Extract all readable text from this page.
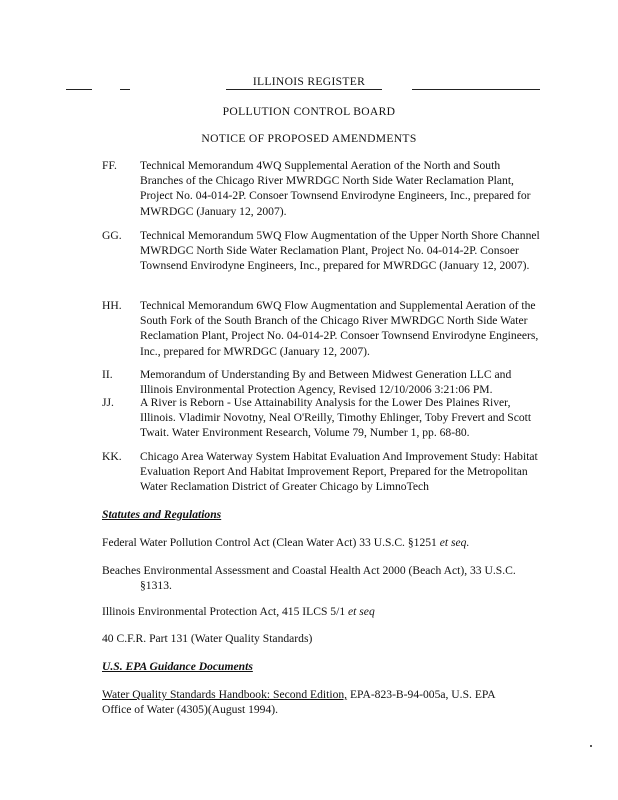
ILLINOIS REGISTER
POLLUTION CONTROL BOARD
NOTICE OF PROPOSED AMENDMENTS
FF.	Technical Memorandum 4WQ Supplemental Aeration of the North and South Branches of the Chicago River MWRDGC North Side Water Reclamation Plant, Project No. 04-014-2P. Consoer Townsend Envirodyne Engineers, Inc., prepared for MWRDGC (January 12, 2007).
GG.	Technical Memorandum 5WQ Flow Augmentation of the Upper North Shore Channel MWRDGC North Side Water Reclamation Plant, Project No. 04-014-2P. Consoer Townsend Envirodyne Engineers, Inc., prepared for MWRDGC (January 12, 2007).
HH.	Technical Memorandum 6WQ Flow Augmentation and Supplemental Aeration of the South Fork of the South Branch of the Chicago River MWRDGC North Side Water Reclamation Plant, Project No. 04-014-2P. Consoer Townsend Envirodyne Engineers, Inc., prepared for MWRDGC (January 12, 2007).
II.	Memorandum of Understanding By and Between Midwest Generation LLC and Illinois Environmental Protection Agency, Revised 12/10/2006 3:21:06 PM.
JJ.	A River is Reborn - Use Attainability Analysis for the Lower Des Plaines River, Illinois. Vladimir Novotny, Neal O'Reilly, Timothy Ehlinger, Toby Frevert and Scott Twait. Water Environment Research, Volume 79, Number 1, pp. 68-80.
KK.	Chicago Area Waterway System Habitat Evaluation And Improvement Study: Habitat Evaluation Report And Habitat Improvement Report, Prepared for the Metropolitan Water Reclamation District of Greater Chicago by LimnoTech
Statutes and Regulations
Federal Water Pollution Control Act (Clean Water Act) 33 U.S.C. §1251 et seq.
Beaches Environmental Assessment and Coastal Health Act 2000 (Beach Act), 33 U.S.C.
§1313.
Illinois Environmental Protection Act, 415 ILCS 5/1 et seq
40 C.F.R. Part 131 (Water Quality Standards)
U.S. EPA Guidance Documents
Water Quality Standards Handbook: Second Edition, EPA-823-B-94-005a, U.S. EPA
Office of Water (4305)(August 1994).
